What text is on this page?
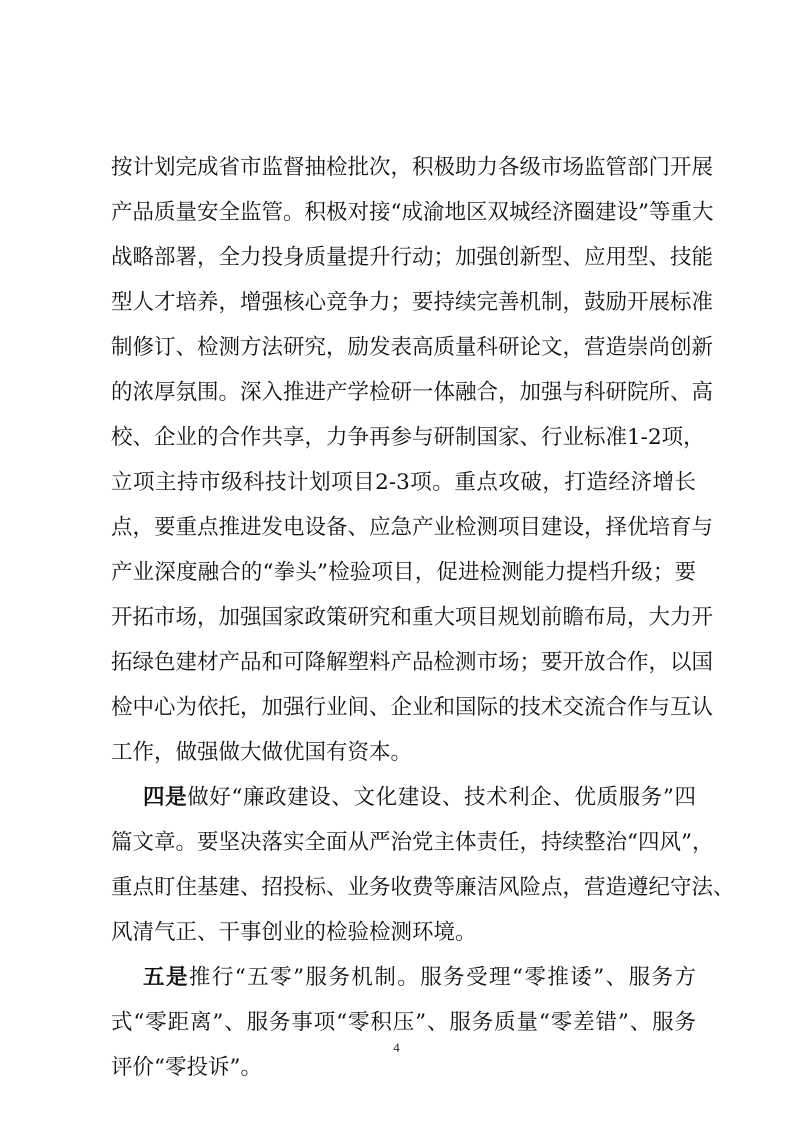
按计划完成省市监督抽检批次，积极助力各级市场监管部门开展
产品质量安全监管。积极对接“成渝地区双城经济圈建设”等重大
战略部署，全力投身质量提升行动；加强创新型、应用型、技能
型人才培养，增强核心竞争力；要持续完善机制，鼓励开展标准
制修订、检测方法研究，励发表高质量科研论文，营造崇尚创新
的浓厚氛围。深入推进产学检研一体融合，加强与科研院所、高
校、企业的合作共享，力争再参与研制国家、行业标准1-2项，
立项主持市级科技计划项目2-3项。重点攻破，打造经济增长
点，要重点推进发电设备、应急产业检测项目建设，择优培育与
产业深度融合的“拳头”检验项目，促进检测能力提档升级；要
开拓市场，加强国家政策研究和重大项目规划前瞻布局，大力开
拓绿色建材产品和可降解塑料产品检测市场；要开放合作，以国
检中心为依托，加强行业间、企业和国际的技术交流合作与互认
工作，做强做大做优国有资本。
四是做好“廉政建设、文化建设、技术利企、优质服务”四
篇文章。要坚决落实全面从严治党主体责任，持续整治“四风”，
重点盯住基建、招投标、业务收费等廉洁风险点，营造遵纪守法、
风清气正、干事创业的检验检测环境。
五是推行“五零”服务机制。服务受理“零推诿”、服务方
式“零距离”、服务事项“零积压”、服务质量“零差错”、服务
评价“零投诉”。
4
